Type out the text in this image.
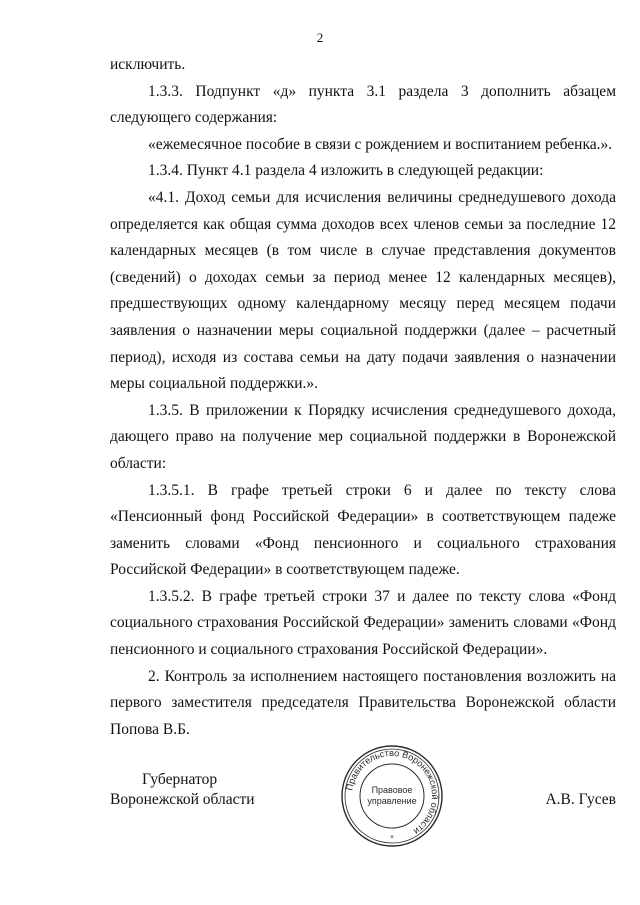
2

исключить.

1.3.3. Подпункт «д» пункта 3.1 раздела 3 дополнить абзацем следующего содержания:

«ежемесячное пособие в связи с рождением и воспитанием ребенка.».

1.3.4. Пункт 4.1 раздела 4 изложить в следующей редакции:

«4.1. Доход семьи для исчисления величины среднедушевого дохода определяется как общая сумма доходов всех членов семьи за последние 12 календарных месяцев (в том числе в случае представления документов (сведений) о доходах семьи за период менее 12 календарных месяцев), предшествующих одному календарному месяцу перед месяцем подачи заявления о назначении меры социальной поддержки (далее – расчетный период), исходя из состава семьи на дату подачи заявления о назначении меры социальной поддержки.».

1.3.5. В приложении к Порядку исчисления среднедушевого дохода, дающего право на получение мер социальной поддержки в Воронежской области:

1.3.5.1. В графе третьей строки 6 и далее по тексту слова «Пенсионный фонд Российской Федерации» в соответствующем падеже заменить словами «Фонд пенсионного и социального страхования Российской Федерации» в соответствующем падеже.

1.3.5.2. В графе третьей строки 37 и далее по тексту слова «Фонд социального страхования Российской Федерации» заменить словами «Фонд пенсионного и социального страхования Российской Федерации».

2. Контроль за исполнением настоящего постановления возложить на первого заместителя председателя Правительства Воронежской области Попова В.Б.

Губернатор
Воронежской области	А.В. Гусев
Правительство Воронежской области
Правовое
управление
*
